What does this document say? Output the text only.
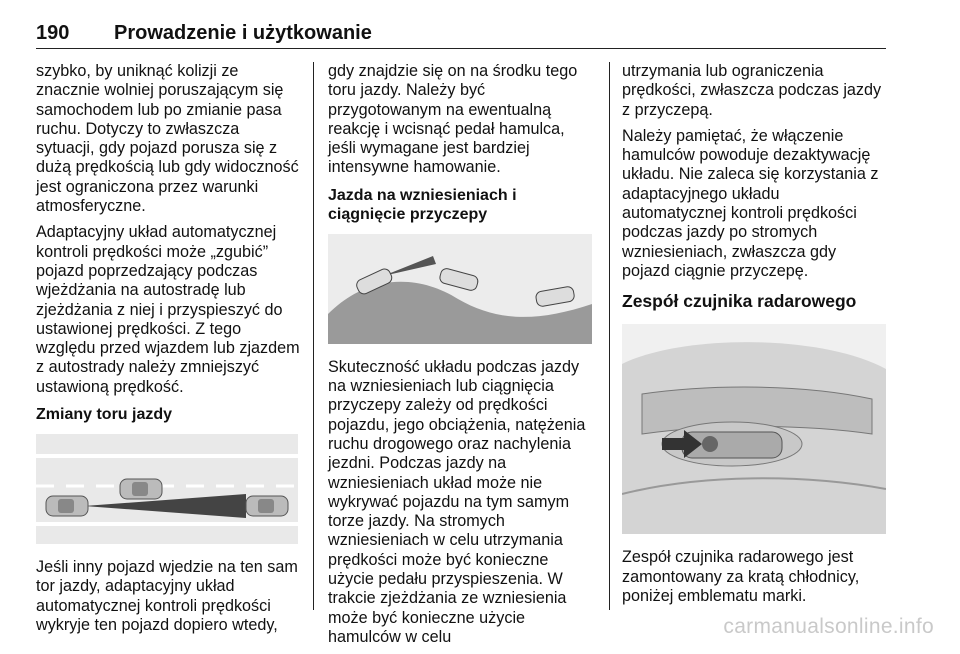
190 Prowadzenie i użytkowanie

szybko, by uniknąć kolizji ze znacznie wolniej poruszającym się samochodem lub po zmianie pasa ruchu. Dotyczy to zwłaszcza sytuacji, gdy pojazd porusza się z dużą prędkością lub gdy widoczność jest ograniczona przez warunki atmosferyczne.

Adaptacyjny układ automatycznej kontroli prędkości może „zgubić” pojazd poprzedzający podczas wjeżdżania na autostradę lub zjeżdżania z niej i przyspieszyć do ustawionej prędkości. Z tego względu przed wjazdem lub zjazdem z autostrady należy zmniejszyć ustawioną prędkość.

Zmiany toru jazdy

Jeśli inny pojazd wjedzie na ten sam tor jazdy, adaptacyjny układ automatycznej kontroli prędkości wykryje ten pojazd dopiero wtedy,

gdy znajdzie się on na środku tego toru jazdy. Należy być przygotowanym na ewentualną reakcję i wcisnąć pedał hamulca, jeśli wymagane jest bardziej intensywne hamowanie.

Jazda na wzniesieniach i ciągnięcie przyczepy

Skuteczność układu podczas jazdy na wzniesieniach lub ciągnięcia przyczepy zależy od prędkości pojazdu, jego obciążenia, natężenia ruchu drogowego oraz nachylenia jezdni. Podczas jazdy na wzniesieniach układ może nie wykrywać pojazdu na tym samym torze jazdy. Na stromych wzniesieniach w celu utrzymania prędkości może być konieczne użycie pedału przyspieszenia. W trakcie zjeżdżania ze wzniesienia może być konieczne użycie hamulców w celu

utrzymania lub ograniczenia prędkości, zwłaszcza podczas jazdy z przyczepą.

Należy pamiętać, że włączenie hamulców powoduje dezaktywację układu. Nie zaleca się korzystania z adaptacyjnego układu automatycznej kontroli prędkości podczas jazdy po stromych wzniesieniach, zwłaszcza gdy pojazd ciągnie przyczepę.

Zespół czujnika radarowego

Zespół czujnika radarowego jest zamontowany za kratą chłodnicy, poniżej emblematu marki.

carmanualsonline.info
